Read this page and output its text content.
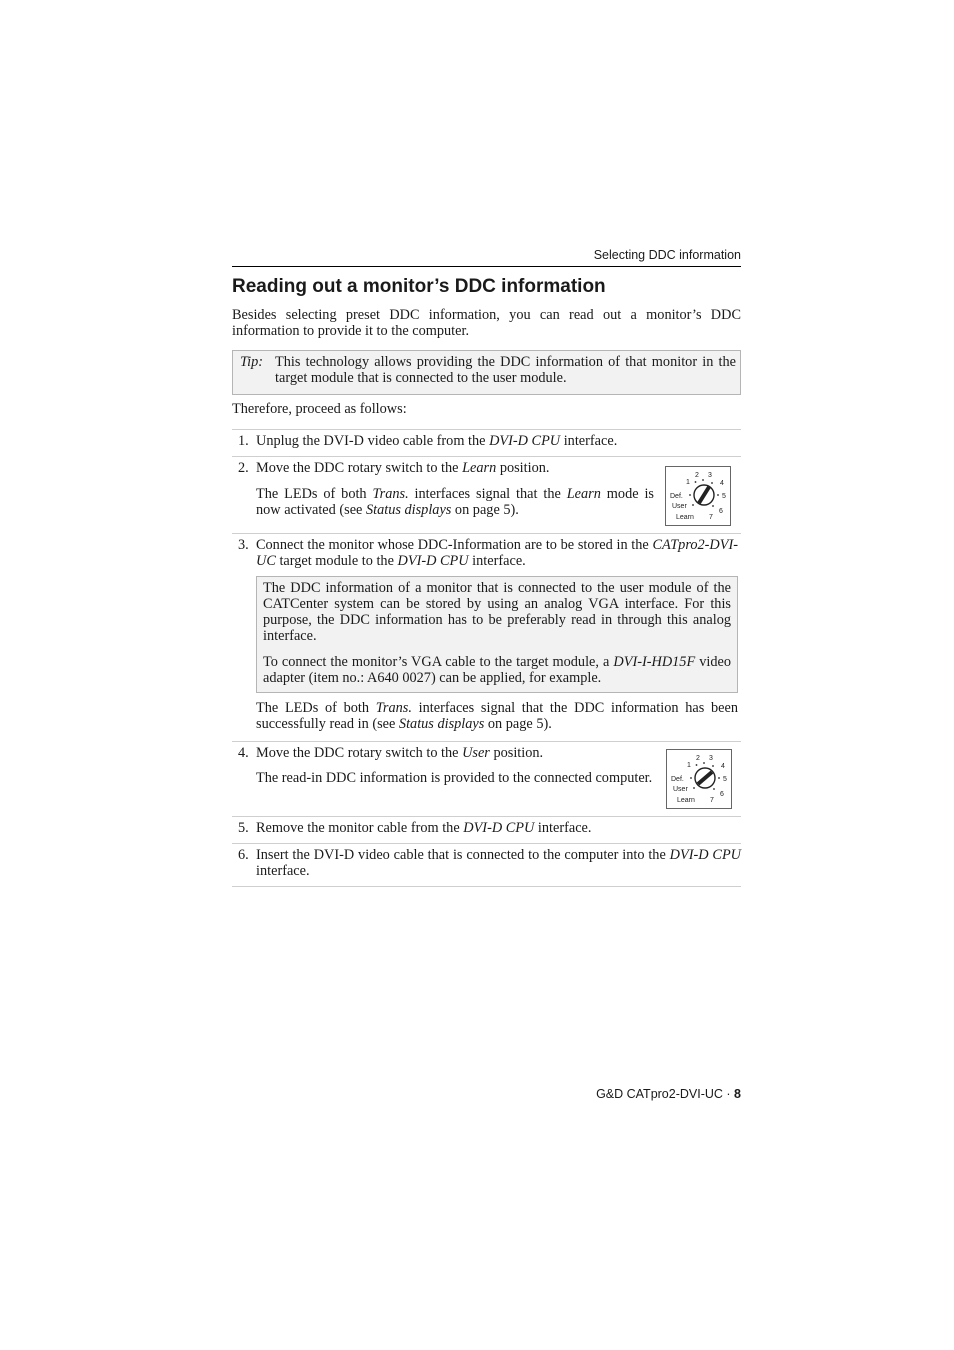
Selecting DDC information
Reading out a monitor’s DDC information
Besides selecting preset DDC information, you can read out a monitor’s DDC information to provide it to the computer.
Tip: This technology allows providing the DDC information of that monitor in the target module that is connected to the user module.
Therefore, proceed as follows:
1. Unplug the DVI-D video cable from the DVI-D CPU interface.
2. Move the DDC rotary switch to the Learn position.

The LEDs of both Trans. interfaces signal that the Learn mode is now activated (see Status displays on page 5).

2 3
1	4
5
6
7
Def.
User
Learn
3. Connect the monitor whose DDC-Information are to be stored in the CATpro2-DVI-UC target module to the DVI-D CPU interface.

The DDC information of a monitor that is connected to the user module of the CATCenter system can be stored by using an analog VGA interface. For this purpose, the DDC information has to be preferably read in through this analog interface.

To connect the monitor’s VGA cable to the target module, a DVI-I-HD15F video adapter (item no.: A640 0027) can be applied, for example.

The LEDs of both Trans. interfaces signal that the DDC information has been successfully read in (see Status displays on page 5).

4. Move the DDC rotary switch to the User position.

The read-in DDC information is provided to the connected computer.

2 3
1	4
5
6
7
Def.
User
Learn
5. Remove the monitor cable from the DVI-D CPU interface.
6. Insert the DVI-D video cable that is connected to the computer into the DVI-D CPU interface.
G&D CATpro2-DVI-UC · 8
